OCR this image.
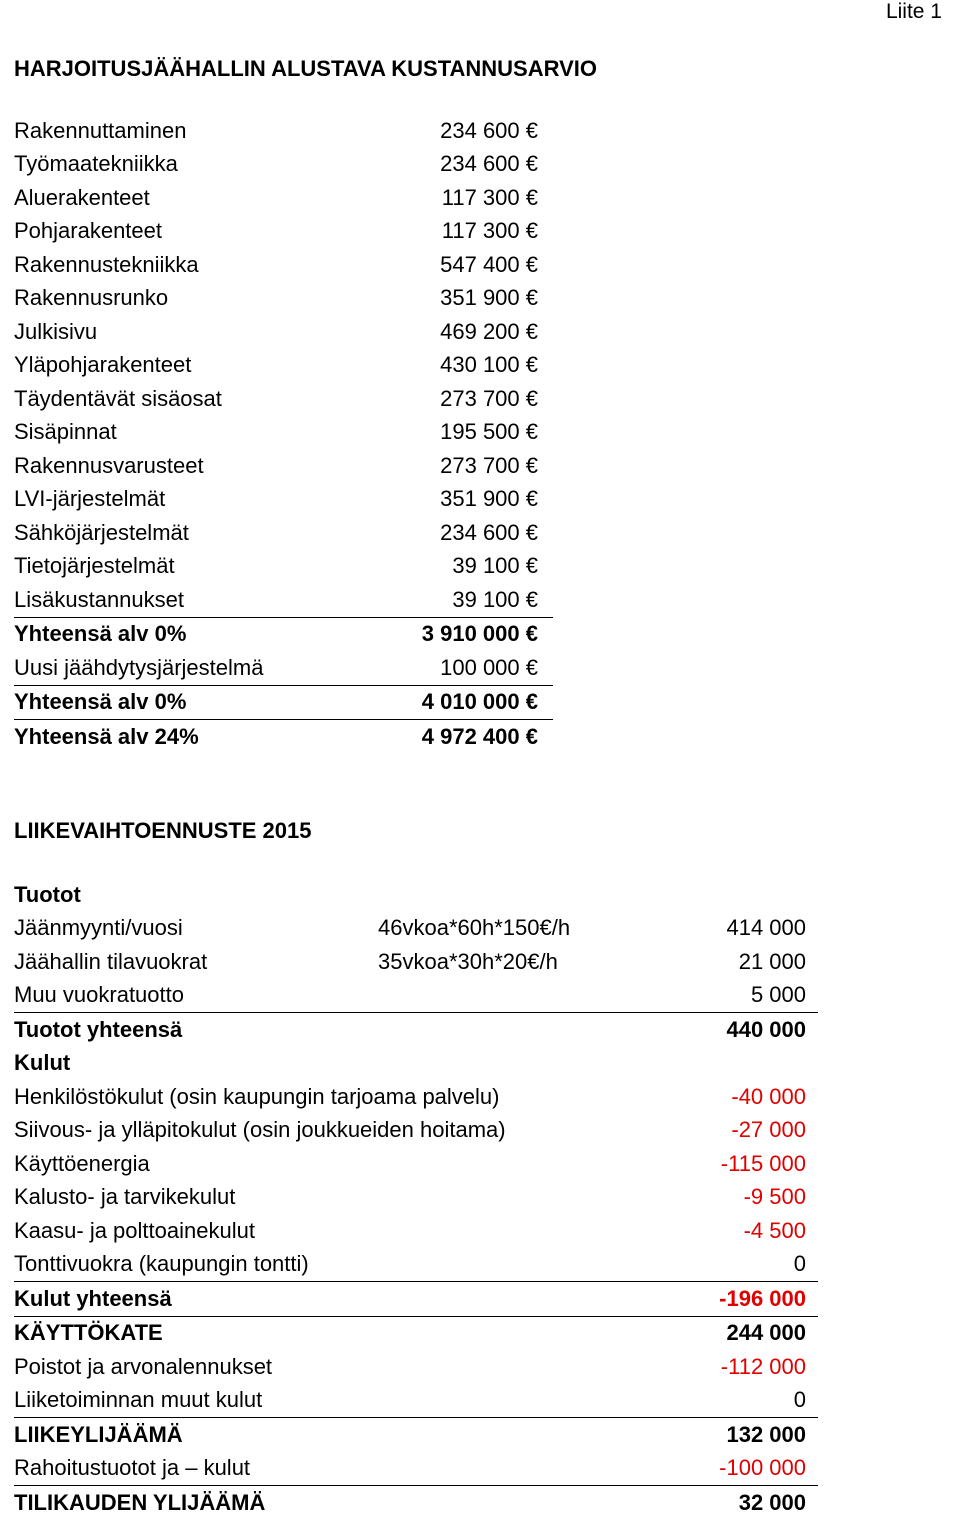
Liite 1
HARJOITUSJÄÄHALLIN ALUSTAVA KUSTANNUSARVIO
Rakennuttaminen	234 600 €
Työmaatekniikka	234 600 €
Aluerakenteet	117 300 €
Pohjarakenteet	117 300 €
Rakennustekniikka	547 400 €
Rakennusrunko	351 900 €
Julkisivu	469 200 €
Yläpohjarakenteet	430 100 €
Täydentävät sisäosat	273 700 €
Sisäpinnat	195 500 €
Rakennusvarusteet	273 700 €
LVI-järjestelmät	351 900 €
Sähköjärjestelmät	234 600 €
Tietojärjestelmät	39 100 €
Lisäkustannukset	39 100 €
Yhteensä alv 0%	3 910 000 €
Uusi jäähdytysjärjestelmä	100 000 €
Yhteensä alv 0%	4 010 000 €
Yhteensä alv 24%	4 972 400 €
LIIKEVAIHTOENNUSTE 2015
Tuotot
Jäänmyynti/vuosi	46vkoa*60h*150€/h	414 000
Jäähallin tilavuokrat	35vkoa*30h*20€/h	21 000
Muu vuokratuotto	5 000
Tuotot yhteensä	440 000
Kulut
Henkilöstökulut (osin kaupungin tarjoama palvelu)	-40 000
Siivous- ja ylläpitokulut (osin joukkueiden hoitama)	-27 000
Käyttöenergia	-115 000
Kalusto- ja tarvikekulut	-9 500
Kaasu- ja polttoainekulut	-4 500
Tonttivuokra (kaupungin tontti)	0
Kulut yhteensä	-196 000
KÄYTTÖKATE	244 000
Poistot ja arvonalennukset	-112 000
Liiketoiminnan muut kulut	0
LIIKEYLIJÄÄMÄ	132 000
Rahoitustuotot ja – kulut	-100 000
TILIKAUDEN YLIJÄÄMÄ	32 000
